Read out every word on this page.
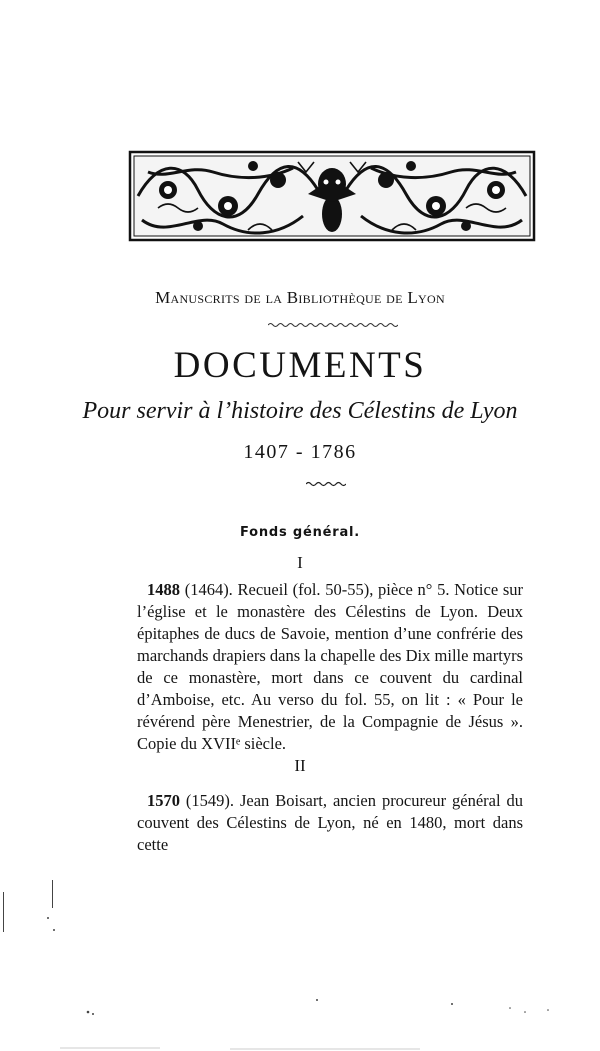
Manuscrits de la Bibliothèque de Lyon
DOCUMENTS
Pour servir à l’histoire des Célestins de Lyon
1407 - 1786
Fonds général.
I
1488 (1464). Recueil (fol. 50-55), pièce n° 5. Notice sur l’église et le monastère des Célestins de Lyon. Deux épitaphes de ducs de Savoie, mention d’une confrérie des marchands drapiers dans la chapelle des Dix mille martyrs de ce monastère, mort dans ce couvent du cardinal d’Amboise, etc. Au verso du fol. 55, on lit : « Pour le révérend père Menestrier, de la Compagnie de Jésus ». Copie du XVIIᵉ siècle.
II
1570 (1549). Jean Boisart, ancien procureur général du couvent des Célestins de Lyon, né en 1480, mort dans cette
